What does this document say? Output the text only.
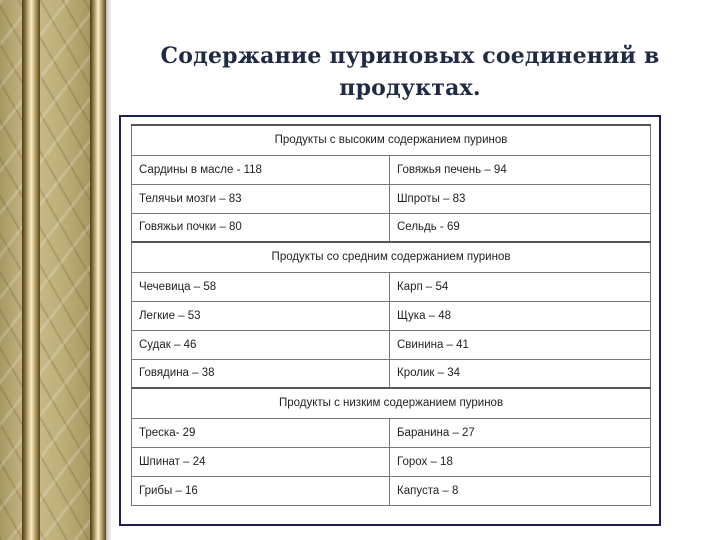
Содержание пуриновых соединений в продуктах.
Продукты с высоким содержанием пуринов	
Сардины в масле - 118	Говяжья печень – 94
Телячьи мозги – 83	Шпроты – 83
Говяжьи почки – 80	Сельдь - 69
Продукты со средним содержанием пуринов	
Чечевица – 58	Карп – 54
Легкие – 53	Щука – 48
Судак – 46	Свинина – 41
Говядина – 38	Кролик – 34
Продукты с низким содержанием пуринов	
Треска- 29	Баранина – 27
Шпинат – 24	Горох – 18
Грибы – 16	Капуста – 8
